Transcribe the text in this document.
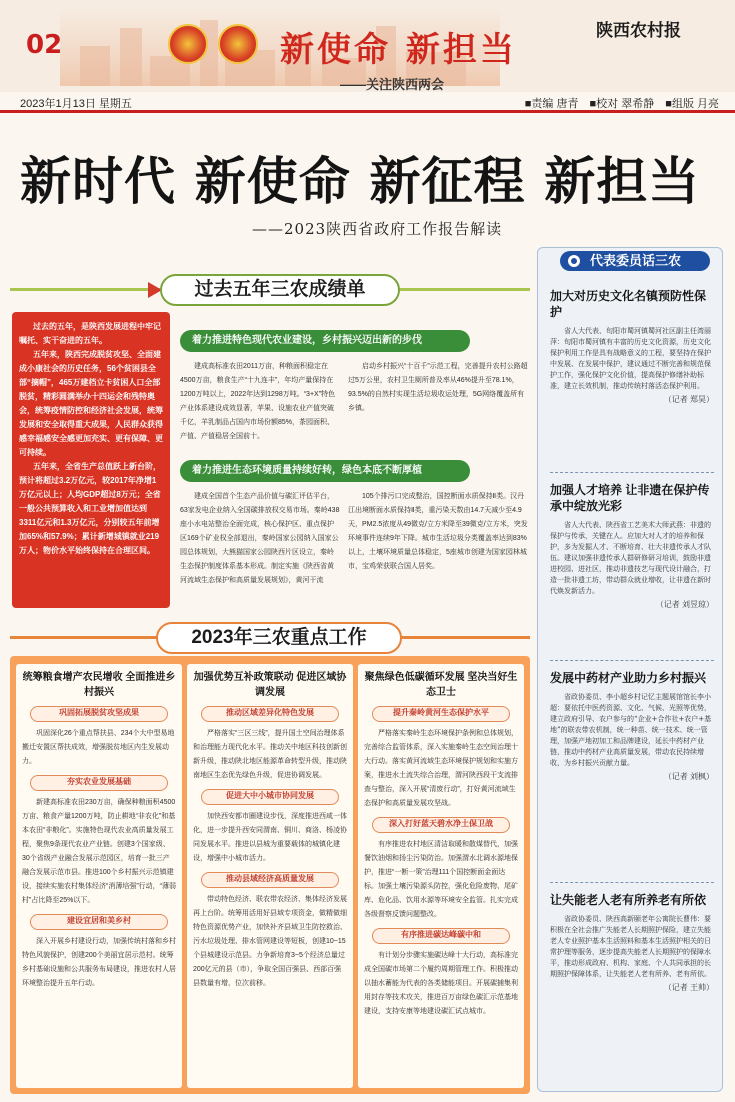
02	新使命 新担当
——关注陕西两会
陕西农村报
2023年1月13日 星期五	■责编 唐青 ■校对 翠希静 ■组版 月亮
新时代 新使命 新征程 新担当
——2023陕西省政府工作报告解读
过去五年三农成绩单

过去的五年，是陕西发展进程中牢记嘱托、实干奋进的五年。

五年来，陕西完成脱贫攻坚、全面建成小康社会的历史任务，56个贫困县全部“摘帽”，465万建档立卡贫困人口全部脱贫，精彩圆满举办十四运会和残特奥会，统筹疫情防控和经济社会发展，统筹发展和安全取得重大成果，人民群众获得感幸福感安全感更加充实、更有保障、更可持续。

五年来，全省生产总值跃上新台阶，预计将超过3.2万亿元，较2017年净增1万亿元以上；人均GDP超过8万元；全省一般公共预算收入和工业增加值达到3311亿元和1.3万亿元，分别较五年前增加65%和57.9%；累计新增城镇就业219万人；物价水平始终保持在合理区间。

着力推进特色现代农业建设，乡村振兴迈出新的步伐

建成高标准农田2011万亩，种粮面积稳定在4500万亩，粮食生产“十九连丰”，年均产量保持在1200万吨以上，2022年达到1298万吨。“3+X”特色产业体系建设成效显著，苹果、设施农业产值突破千亿，羊乳制品占国内市场份额85%，茶园面积、产值、产值稳居全国前十。

启动乡村振兴“十百千”示范工程，完善提升农村公路超过5万公里，农村卫生厕所普及率从46%提升至78.1%，93.5%的自然村实现生活垃圾收运处理，5G网络覆盖所有乡镇。

着力推进生态环境质量持续好转，绿色本底不断厚植

建成全国首个生态产品价值与碳汇评估平台，63家发电企业纳入全国碳排放权交易市场。秦岭438座小水电站整治全面完成，核心保护区、重点保护区169个矿业权全部退出，秦岭国家公园纳入国家公园总体规划，大熊猫国家公园陕西片区设立，秦岭生态保护制度体系基本形成。制定实施《陕西省黄河流域生态保护和高质量发展规划》，黄河干流

105个排污口完成整治，国控断面水质保持Ⅱ类。汉丹江出境断面水质保持Ⅱ类，重污染天数由14.7天减少至4.9天，PM2.5浓度从49微克/立方米降至39微克/立方米，突发环境事件连续9年下降。城市生活垃圾分类覆盖率达到83%以上，土壤环境质量总体稳定，5座城市创建为国家园林城市，宝鸡荣获联合国人居奖。

2023年三农重点工作
统筹粮食增产农民增收 全面推进乡村振兴
巩固拓展脱贫攻坚成果

巩固深化26个重点帮扶县、234个大中型易地搬迁安置区帮扶成效，增强脱贫地区内生发展动力。

夯实农业发展基础

新建高标准农田230万亩，确保种粮面积4500万亩、粮食产量1200万吨，防止耕地“非农化”和基本农田“非粮化”。实施特色现代农业高质量发展工程，聚焦9条现代农业产业链。创建3个国家级、30个省级产业融合发展示范园区，培育一批三产融合发展示范市县。推进100个乡村振兴示范镇建设，接续实施农村集体经济“消薄培强”行动，“薄弱村”占比降至25%以下。

建设宜居和美乡村

深入开展乡村建设行动，加强传统村落和乡村特色风貌保护，创建200个美丽宜居示范村。统筹乡村基础设施和公共服务布局建设，推进农村人居环境整治提升五年行动。

加强优势互补政策联动 促进区域协调发展
推动区域差异化特色发展

严格落实“三区三线”，提升国土空间治理体系和治理能力现代化水平。推动关中地区科技创新创新升级，推动陕北地区能源革命转型升级，推动陕南地区生态优先绿色升级，促进协调发展。

促进大中小城市协同发展

加快西安都市圈建设步伐，深度推进西咸一体化，进一步提升西安同渭南、铜川、商洛、杨凌协同发展水平。推进以县城为重要载体的城镇化建设，增强中小城市活力。

推动县域经济高质量发展

带动特色经济、联农带农经济、集体经济发展再上台阶。统筹用活用好县域专项资金，做精做细特色资源优势产业，加快补齐县域卫生防控救治、污水垃圾处理、排水管网建设等短板，创建10~15个县城建设示范县。力争新培育3~5个经济总量过200亿元的县（市），争取全国百强县、西部百强县数量有增，位次前移。

聚焦绿色低碳循环发展 坚决当好生态卫士
提升秦岭黄河生态保护水平

严格落实秦岭生态环境保护条例和总体规划，完善综合监管体系，深入实施秦岭生态空间治理十大行动。落实黄河流域生态环境保护规划和实施方案，推进水土流失综合治理，渭河陕西段干支流排查与整治，深入开展“清废行动”，打好黄河流域生态保护和高质量发展攻坚战。

深入打好蓝天碧水净土保卫战

有序推进农村地区清洁取暖和散煤替代，加强餐饮油烟和扬尘污染防治。加强渭水北调水源地保护，推进“一断一策”治理111个国控断面金面达标。加强土壤污染源头防控，强化危险废物、尾矿库、危化品、饮用水源等环境安全监管。扎实完成各级督察反馈问题整改。

有序推进碳达峰碳中和

有计划分步骤实施碳达峰十大行动，高标准完成全国碳市场第二个履约周期管理工作。积极推动以抽水蓄能为代表的各类储能项目。开展碳捕集利用封存等技术攻关，推进百万亩绿色碳汇示范基地建设，支持安康等地建设碳汇试点城市。

代表委员话三农
加大对历史文化名镇预防性保护

省人大代表、旬阳市蜀河镇蜀河社区副主任湾丽萍：旬阳市蜀河镇有丰富的历史文化资源，历史文化保护利用工作是具有战略意义的工程，要坚持在保护中发展、在发展中保护，建议通过不断完善和规范保护工作，强化保护文化价值，提高保护修缮补助标准，建立长效机制，推动传统村落活态保护利用。

（记者 郑昊）
加强人才培养 让非遗在保护传承中绽放光彩

省人大代表、陕西省工艺美术大师武燕：非遗的保护与传承，关键在人。应加大对人才的培养和保护，多为发掘人才、不断培育、壮大非遗传承人才队伍。建议加强非遗传承人群研修研习培训，鼓励非遗进校园、进社区，推动非遗技艺与现代设计融合，打造一批非遗工坊，带动群众就业增收，让非遗在新时代焕发新活力。

（记者 刘昱琼）
发展中药材产业助力乡村振兴

省政协委员、李小超乡村记忆主题展馆馆长李小超：要依托中医药资源、文化、气候、光照等优势，建立政府引导、农户参与的“企业+合作社+农户+基地”的联农带农机制，统一种苗、统一技术、统一管理，加强产地初加工和品牌建设，延长中药材产业链，推动中药材产业高质量发展，带动农民持续增收，为乡村振兴贡献力量。

（记者 刘枫）
让失能老人老有所养老有所依

省政协委员、陕西高新颐老年公寓院长曹伟：要积极在全社会推广失能老人长期照护保险，建立失能老人专业照护基本生活照料和基本生活照护相关的日常护理等服务，逐步提高失能老人长期照护的保障水平，推动形成政府、机构、家庭、个人共同承担的长期照护保障体系，让失能老人老有所养、老有所依。

（记者 王帅）
